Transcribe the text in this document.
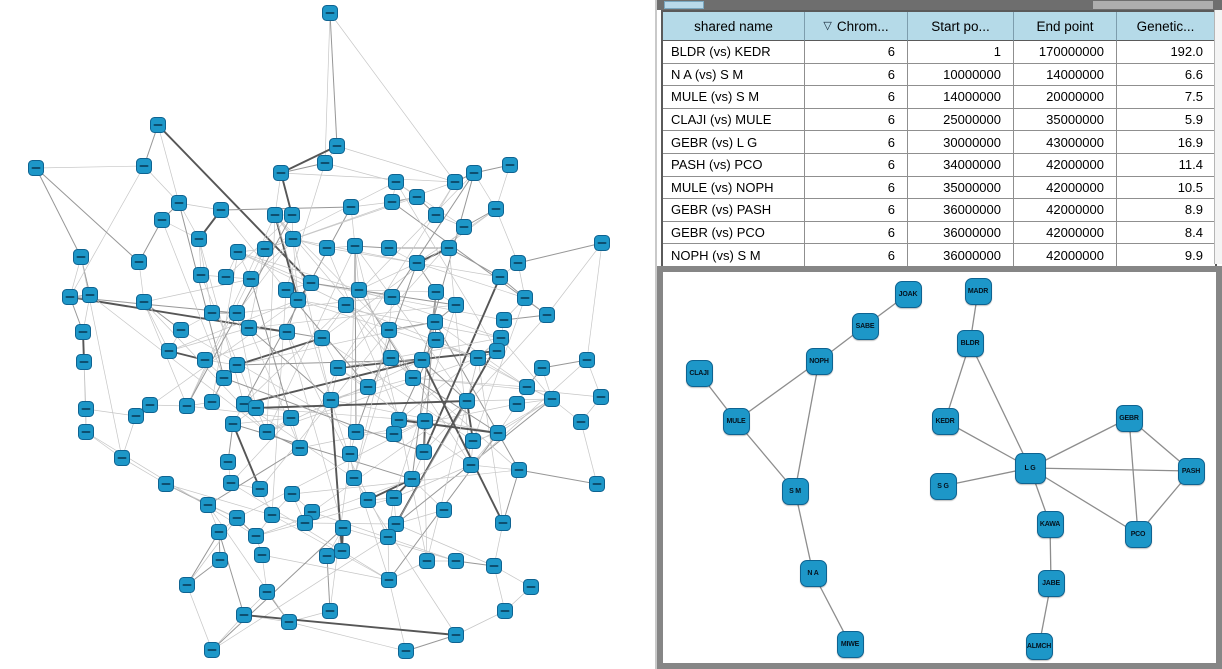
shared name	▽ Chrom...	Start po...	End point	Genetic...
BLDR (vs) KEDR	6	1	170000000	192.0
N A (vs) S M	6	10000000	14000000	6.6
MULE (vs) S M	6	14000000	20000000	7.5
CLAJI (vs) MULE	6	25000000	35000000	5.9
GEBR (vs) L G	6	30000000	43000000	16.9
PASH (vs) PCO	6	34000000	42000000	11.4
MULE (vs) NOPH	6	35000000	42000000	10.5
GEBR (vs) PASH	6	36000000	42000000	8.9
GEBR (vs) PCO	6	36000000	42000000	8.4
NOPH (vs) S M	6	36000000	42000000	9.9
JOAK
SABE
NOPH
CLAJI
MULE
S M
N A
MIWE
MADR
BLDR
KEDR
L G
S G
GEBR
PASH
KAWA
PCO
JABE
ALMCH
